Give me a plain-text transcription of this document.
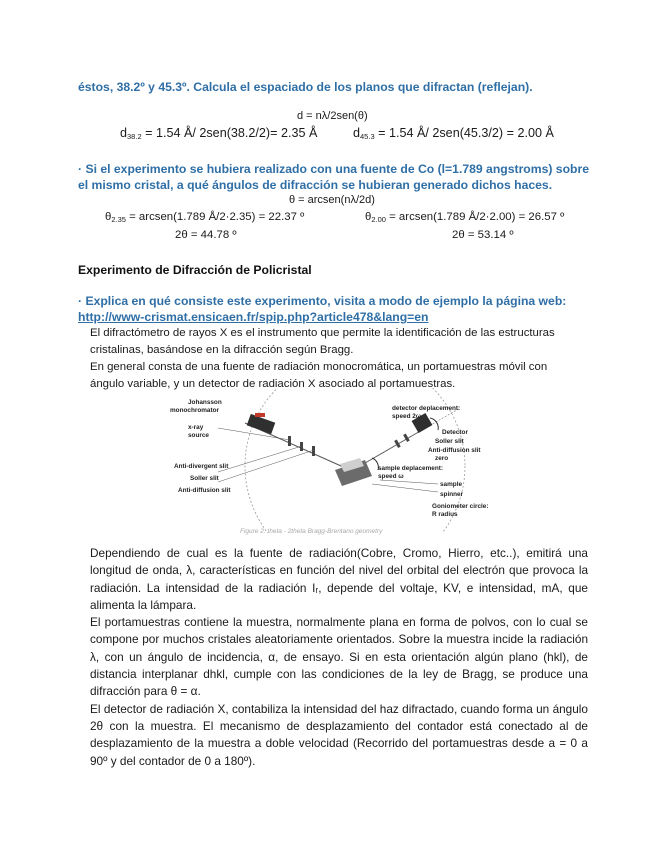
éstos, 38.2º y 45.3º. Calcula el espaciado de los planos que difractan (reflejan).
d = nλ/2sen(θ)
$d_{38.2} = 1.54$ Å/ 2sen(38.2/2)= 2.35 Å	$d_{45.3} = 1.54$ Å/ 2sen(45.3/2) = 2.00 Å
· Si el experimento se hubiera realizado con una fuente de Co (l=1.789 angstroms) sobre
el mismo cristal, a qué ángulos de difracción se hubieran generado dichos haces.
θ = arcsen(nλ/2d)
$\theta_{2.35}$ = arcsen(1.789 Å/2·2.35) = 22.37 º	$\theta_{2.00}$ = arcsen(1.789 Å/2·2.00) = 26.57 º
2θ = 44.78 º	2θ = 53.14 º
Experimento de Difracción de Policristal
· Explica en qué consiste este experimento, visita a modo de ejemplo la página web:
http://www-crismat.ensicaen.fr/spip.php?article478&lang=en
El difractómetro de rayos X es el instrumento que permite la identificación de las estructuras
cristalinas, basándose en la difracción según Bragg.
En general consta de una fuente de radiación monocromática, un portamuestras móvil con
ángulo variable, y un detector de radiación X asociado al portamuestras.
Johansson
monochromator
x-ray
source
Anti-divergent slit
Soller slit
Anti-diffusion slit
detector deplacement:
speed 2ω
Detector
Soller slit
Anti-diffusion slit
zero
sample deplacement:
speed ω
sample
spinner
Goniometer circle:
R radius
Figure 2: theta - 2theta Bragg-Brentano geometry

Dependiendo de cual es la fuente de radiación(Cobre, Cromo, Hierro, etc..), emitirá una longitud de onda, λ, características en función del nivel del orbital del electrón que provoca la radiación. La intensidad de la radiación Iᵣ, depende del voltaje, KV, e intensidad, mA, que alimenta la lámpara.

El portamuestras contiene la muestra, normalmente plana en forma de polvos, con lo cual se compone por muchos cristales aleatoriamente orientados. Sobre la muestra incide la radiación λ, con un ángulo de incidencia, α, de ensayo. Si en esta orientación algún plano (hkl), de distancia interplanar dhkl, cumple con las condiciones de la ley de Bragg, se produce una difracción para θ = α.

El detector de radiación X, contabiliza la intensidad del haz difractado, cuando forma un ángulo 2θ con la muestra. El mecanismo de desplazamiento del contador está conectado al de desplazamiento de la muestra a doble velocidad (Recorrido del portamuestras desde a = 0 a 90º y del contador de 0 a 180º).
